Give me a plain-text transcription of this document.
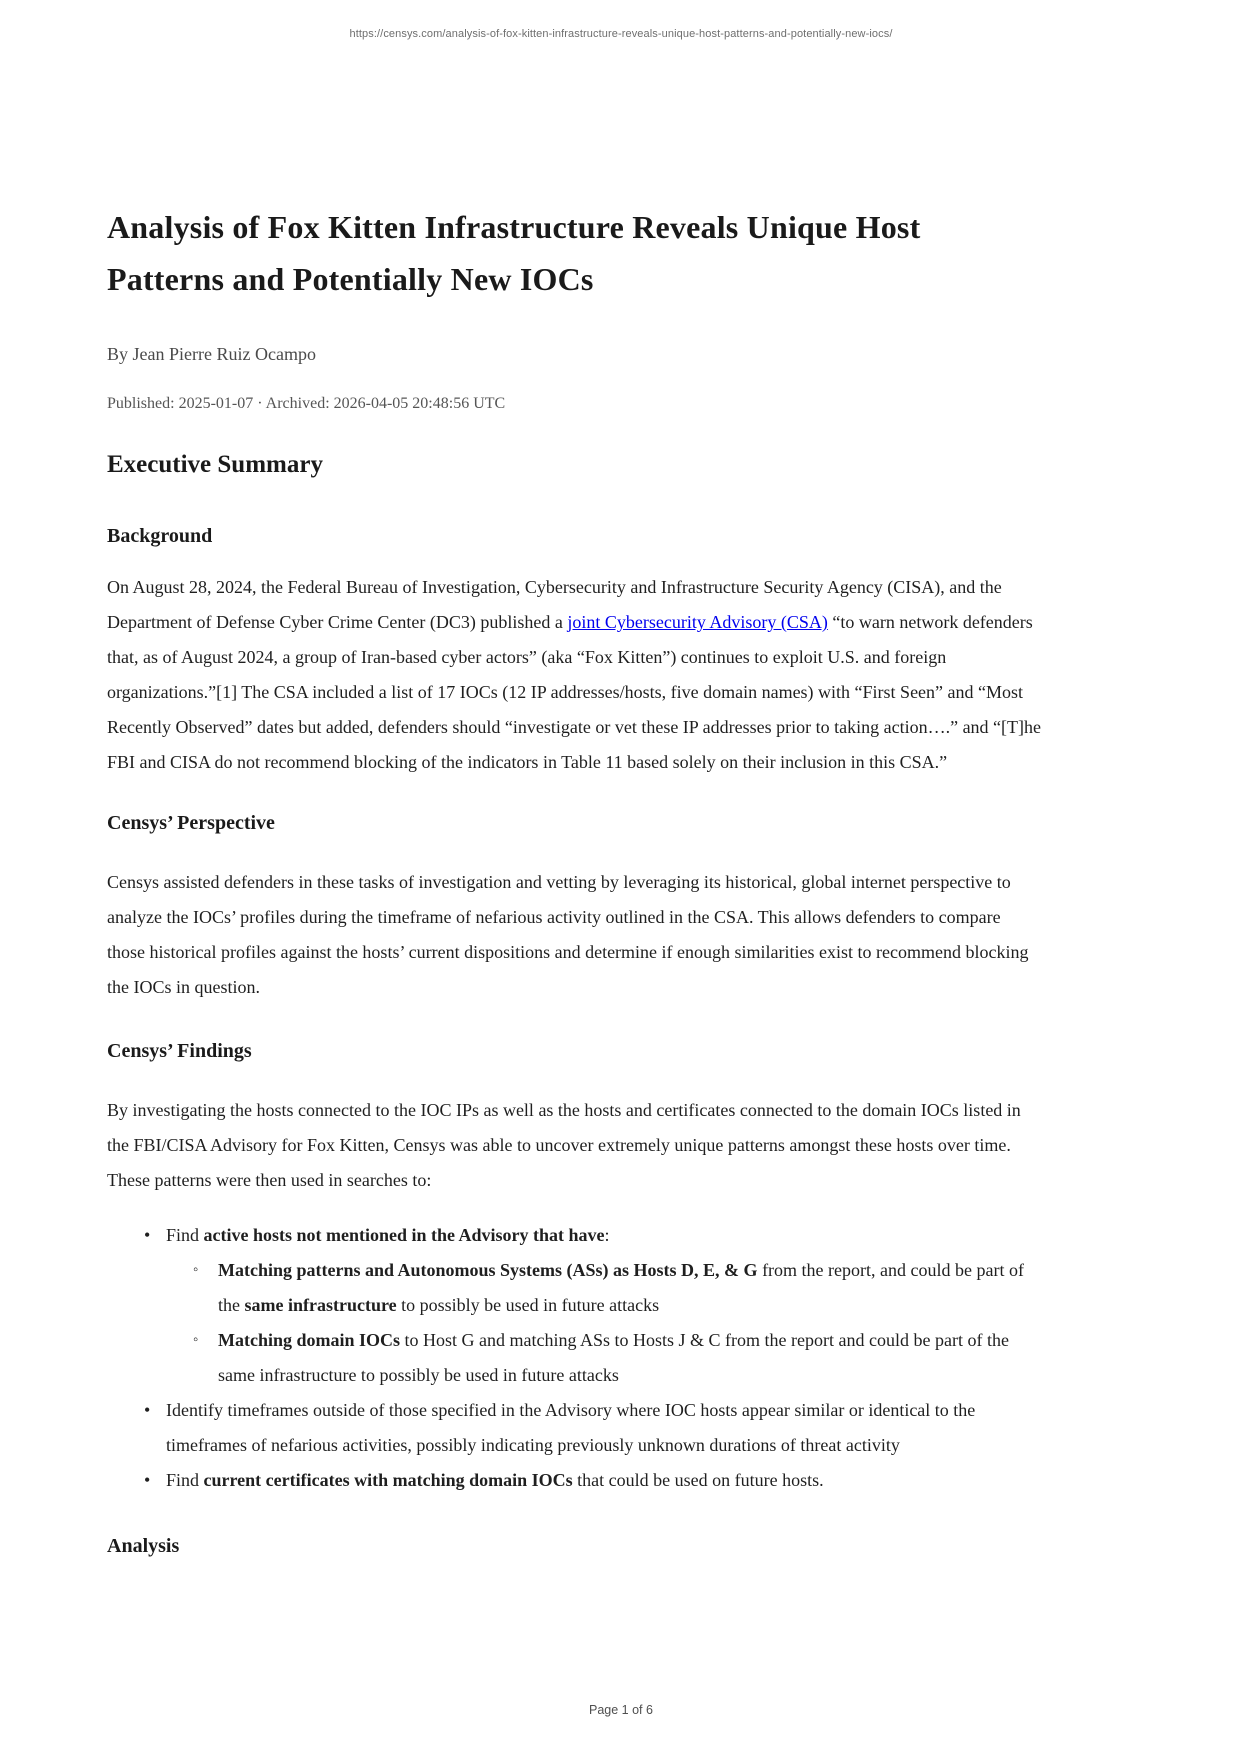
https://censys.com/analysis-of-fox-kitten-infrastructure-reveals-unique-host-patterns-and-potentially-new-iocs/
Analysis of Fox Kitten Infrastructure Reveals Unique Host Patterns and Potentially New IOCs
By Jean Pierre Ruiz Ocampo
Published: 2025-01-07 · Archived: 2026-04-05 20:48:56 UTC
Executive Summary
Background

On August 28, 2024, the Federal Bureau of Investigation, Cybersecurity and Infrastructure Security Agency (CISA), and the Department of Defense Cyber Crime Center (DC3) published a joint Cybersecurity Advisory (CSA) “to warn network defenders that, as of August 2024, a group of Iran-based cyber actors” (aka “Fox Kitten”) continues to exploit U.S. and foreign organizations.”[1] The CSA included a list of 17 IOCs (12 IP addresses/hosts, five domain names) with “First Seen” and “Most Recently Observed” dates but added, defenders should “investigate or vet these IP addresses prior to taking action….” and “[T]he FBI and CISA do not recommend blocking of the indicators in Table 11 based solely on their inclusion in this CSA.”

Censys’ Perspective

Censys assisted defenders in these tasks of investigation and vetting by leveraging its historical, global internet perspective to analyze the IOCs’ profiles during the timeframe of nefarious activity outlined in the CSA. This allows defenders to compare those historical profiles against the hosts’ current dispositions and determine if enough similarities exist to recommend blocking the IOCs in question.

Censys’ Findings

By investigating the hosts connected to the IOC IPs as well as the hosts and certificates connected to the domain IOCs listed in the FBI/CISA Advisory for Fox Kitten, Censys was able to uncover extremely unique patterns amongst these hosts over time. These patterns were then used in searches to:

• Find active hosts not mentioned in the Advisory that have:
◦ Matching patterns and Autonomous Systems (ASs) as Hosts D, E, & G from the report, and could be part of the same infrastructure to possibly be used in future attacks
◦ Matching domain IOCs to Host G and matching ASs to Hosts J & C from the report and could be part of the same infrastructure to possibly be used in future attacks
• Identify timeframes outside of those specified in the Advisory where IOC hosts appear similar or identical to the timeframes of nefarious activities, possibly indicating previously unknown durations of threat activity
• Find current certificates with matching domain IOCs that could be used on future hosts.
Analysis
Page 1 of 6
